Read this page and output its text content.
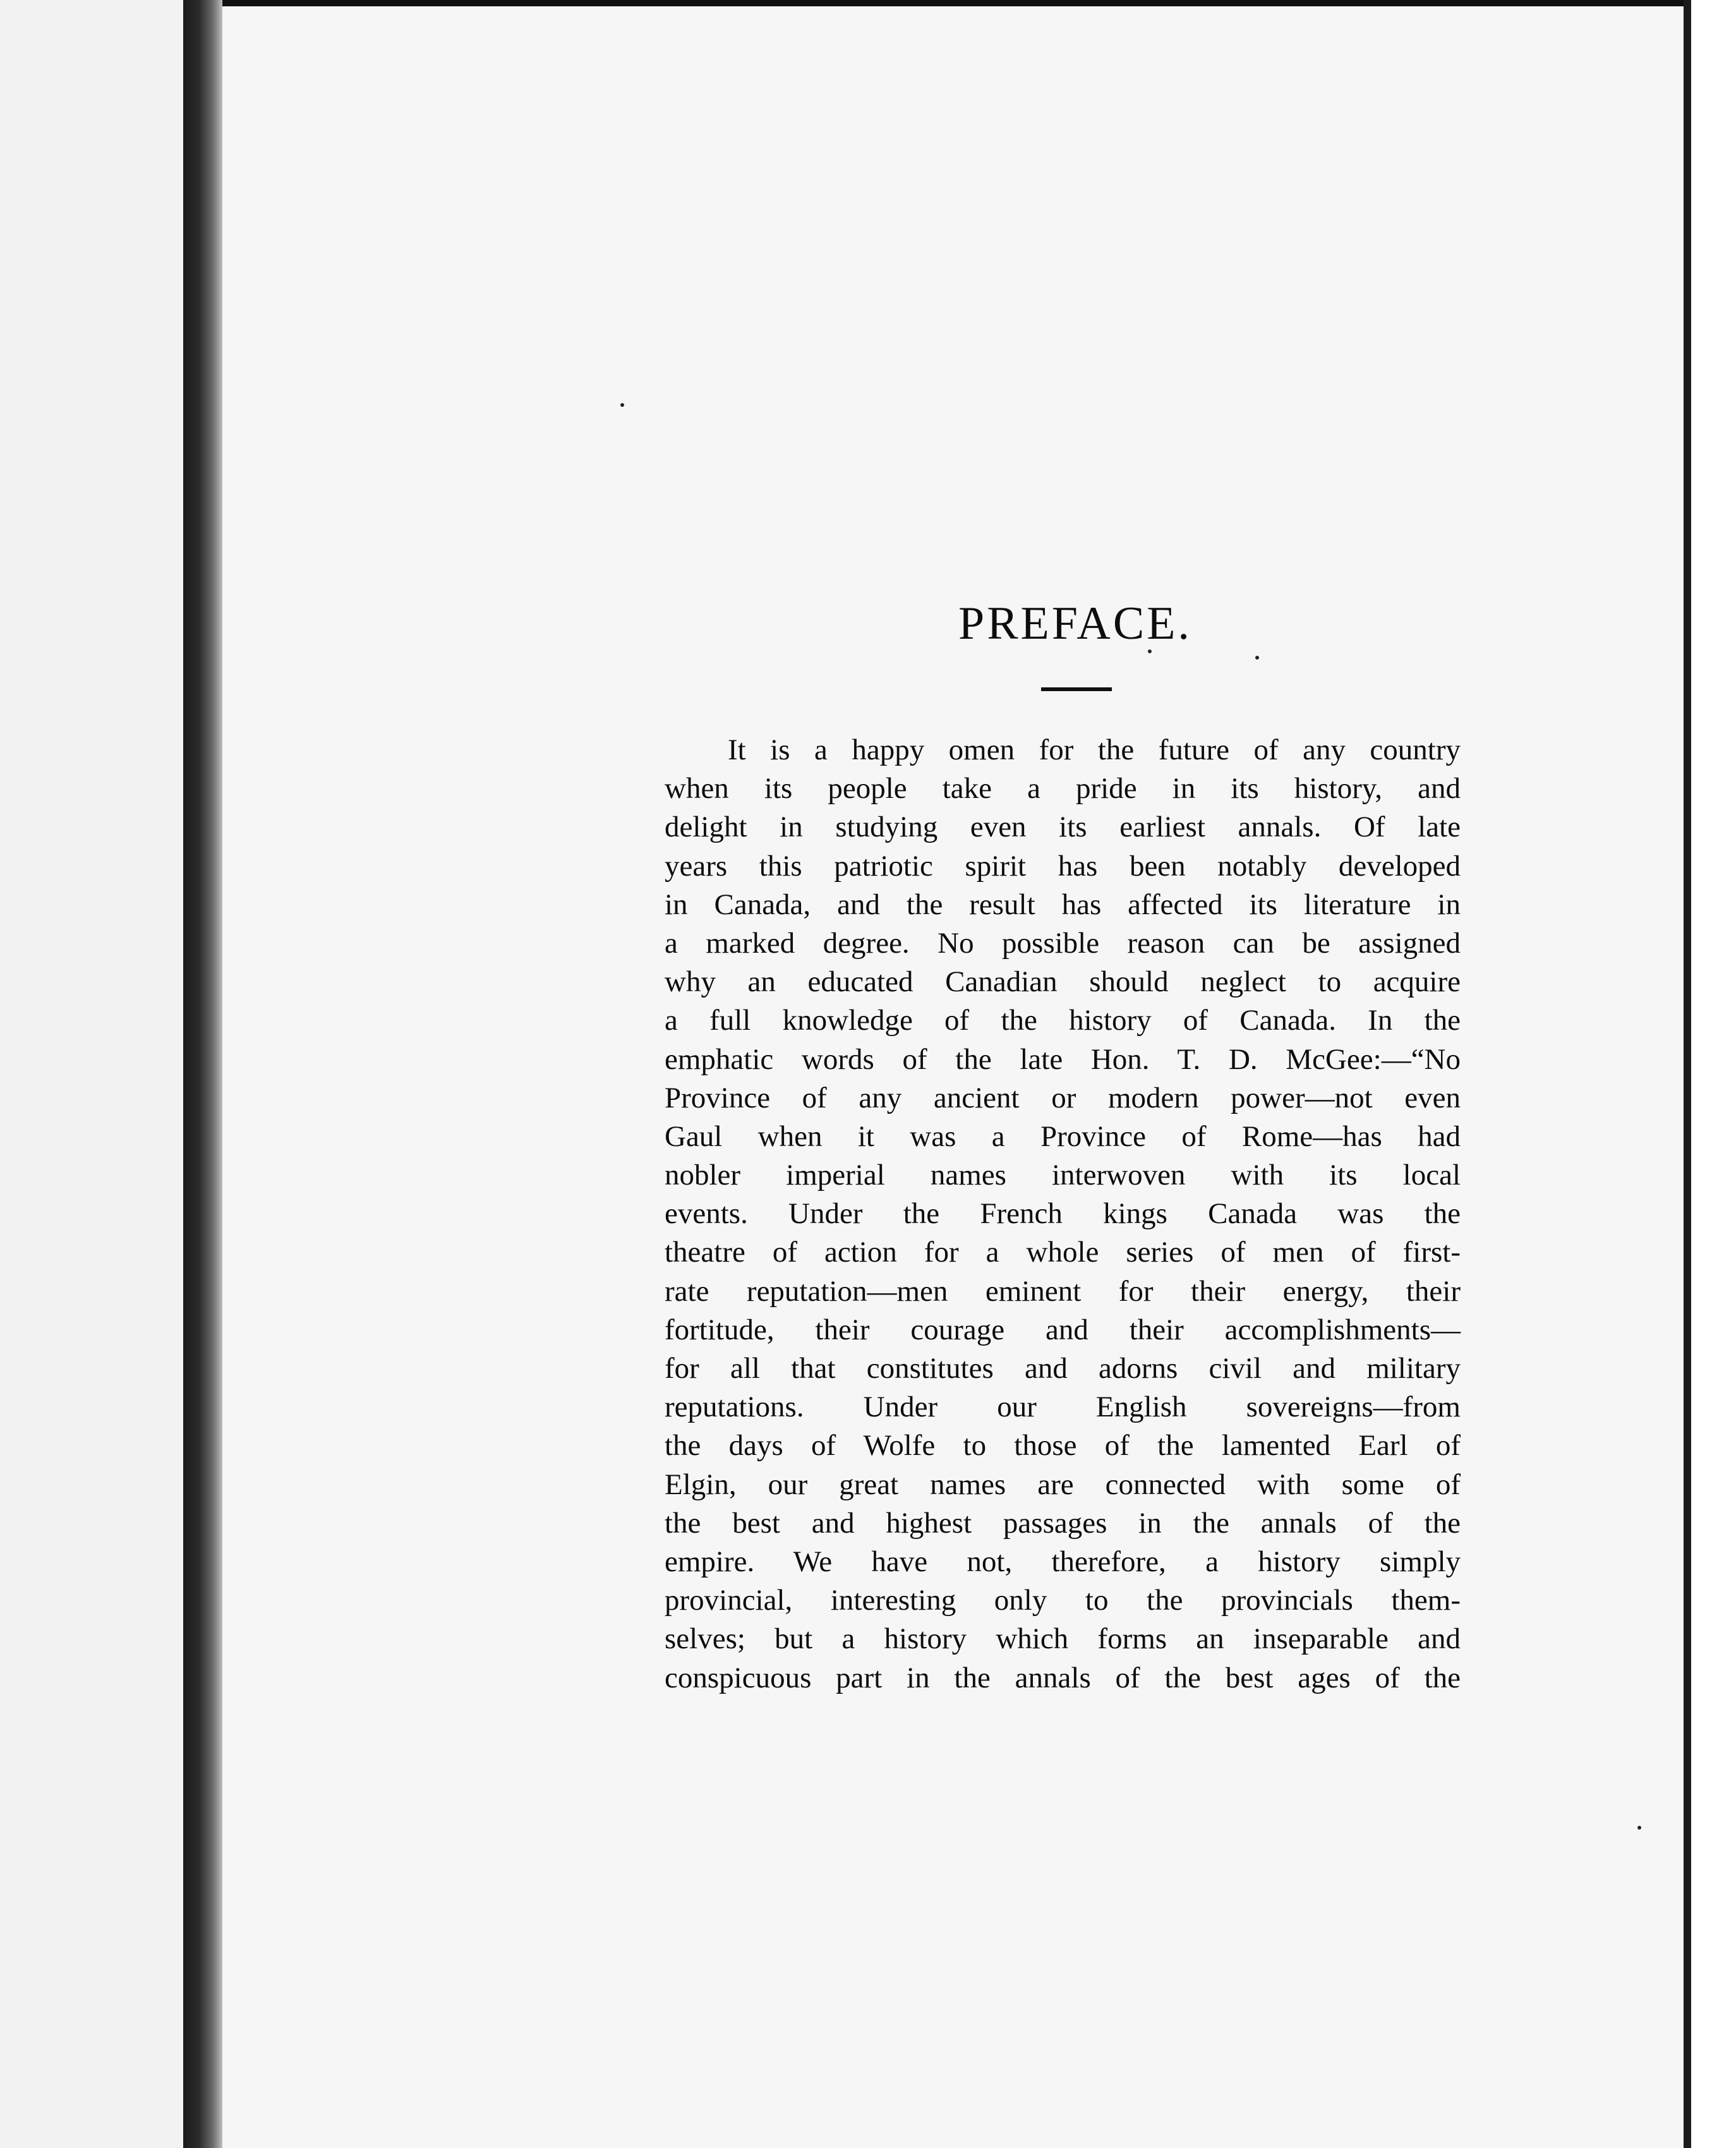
PREFACE.
It is a happy omen for the future of any country
when its people take a pride in its history, and
delight in studying even its earliest annals. Of late
years this patriotic spirit has been notably developed
in Canada, and the result has affected its literature in
a marked degree. No possible reason can be assigned
why an educated Canadian should neglect to acquire
a full knowledge of the history of Canada. In the
emphatic words of the late Hon. T. D. McGee:—“No
Province of any ancient or modern power—not even
Gaul when it was a Province of Rome—has had
nobler imperial names interwoven with its local
events. Under the French kings Canada was the
theatre of action for a whole series of men of first-
rate reputation—men eminent for their energy, their
fortitude, their courage and their accomplishments—
for all that constitutes and adorns civil and military
reputations. Under our English sovereigns—from
the days of Wolfe to those of the lamented Earl of
Elgin, our great names are connected with some of
the best and highest passages in the annals of the
empire. We have not, therefore, a history simply
provincial, interesting only to the provincials them-
selves; but a history which forms an inseparable and
conspicuous part in the annals of the best ages of the
